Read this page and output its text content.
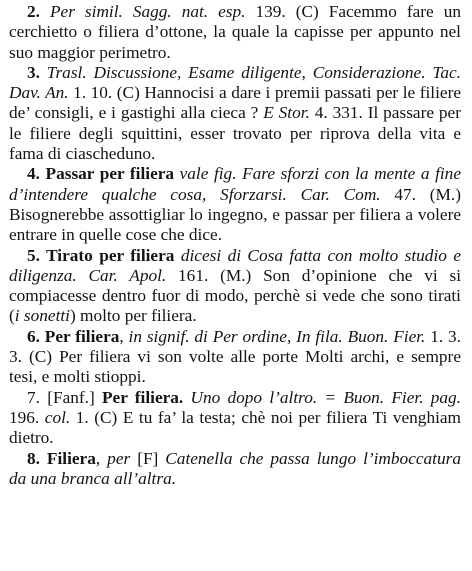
2. Per simil. Sagg. nat. esp. 139. (C) Facemmo fare un cerchietto o filiera d’ottone, la quale la capisse per appunto nel suo maggior perimetro.
3. Trasl. Discussione, Esame diligente, Considerazione. Tac. Dav. An. 1. 10. (C) Hannocisi a dare i premii passati per le filiere de’ consigli, e i gastighi alla cieca ? E Stor. 4. 331. Il passare per le filiere degli squittini, esser trovato per riprova della vita e fama di ciascheduno.
4. Passar per filiera vale fig. Fare sforzi con la mente a fine d’intendere qualche cosa, Sforzarsi. Car. Com. 47. (M.) Bisognerebbe assottigliar lo ingegno, e passar per filiera a volere entrare in quelle cose che dice.
5. Tirato per filiera dicesi di Cosa fatta con molto studio e diligenza. Car. Apol. 161. (M.) Son d’opinione che vi si compiacesse dentro fuor di modo, perchè si vede che sono tirati (i sonetti) molto per filiera.
6. Per filiera, in signif. di Per ordine, In fila. Buon. Fier. 1. 3. 3. (C) Per filiera vi son volte alle porte Molti archi, e sempre tesi, e molti stioppi.
7. [Fanf.] Per filiera. Uno dopo l’altro. = Buon. Fier. pag. 196. col. 1. (C) E tu fa’ la testa; chè noi per filiera Ti venghiam dietro.
8. Filiera, per [F] Catenella che passa lungo l’imboccatura da una branca all’altra.
